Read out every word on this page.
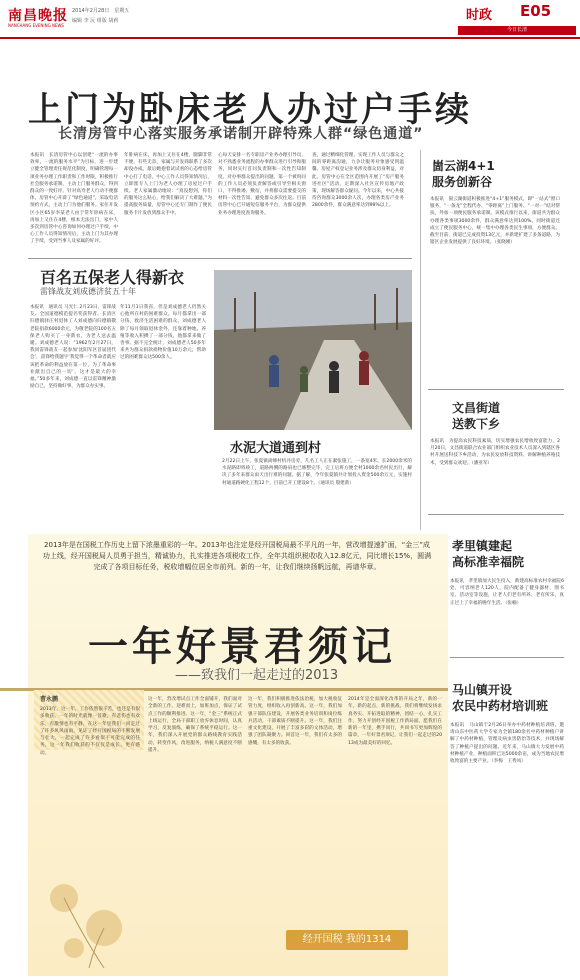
南昌晚报
NANCHANG EVENING NEWS
2014年2月28日　星期五
编辑 李 沅 组版 胡莉	时政 E05
今日长清
上门为卧床老人办过户手续
长清房管中心落实服务承诺制开辟特殊人群“绿色通道”
本报讯　长清房管中心以创建“一流的办事效率，一流的服务水平”为目标，进一步建立健全管理责任规范化制度，明确管理每一项业务办理工作职责和工作时限，积极推行社会服务承诺制，主动上门服务群众，得到群众的一致好评。针对高寿老人行动不便群体，房管中心开辟了“绿色通道”，采取电话预约方式，主动上门为他们服务。家住开发区小区65岁李某老人由于常年卧病在床，再加上又住在4楼，根本无法出门，家中人多次到房管中心咨询如何办理过户手续，中心工作人员得知情况后，主动上门为其办理了手续，受到当事人及家属的好评。
年卧病在床，再加上又住在4楼，腿脚非常不便，有些无奈，家属与开发商联系了多次却没办成。最后她抱着试试看的心态给房管中心打了电话，中心工作人员得知情况后，立即派专人上门为老人办理了房屋过户手续。老人家属激动地说：“真没想到，你们的服务这么贴心，给我们解决了大难题。”为提高服务质量，房管中心还专门制作了便民服务卡片发放到群众手中。
心每天安排一名专职房产业务办理引导员，对不熟悉业务流程的办事群众进行引导和服务，同时实行首问负责制和一次性告知制度。对办事群众提出的问题，第一个被询问的工作人员必须负责解答或引导至相关窗口，不得推诿、敷衍，并将群众需要提交的材料一次性告知，避免群众多次往返。目前房管中心已开通短信服务平台，为群众提供业务办理进度查询服务。
查，通过精细化管理，实现工作人员与群众之间的零距离沟通，力争让服务对象感受到温馨。房屋产权登记业务涉及群众切身利益，对此，房管中心在全区范围内开展了“房产服务进社区”活动，定期深入社区宣传房地产政策，现场解答群众疑问。今年以来，中心共接待咨询群众3000余人次，办理各类房产业务2800余件，群众满意率达到99%以上。
百名五保老人得新衣
雷锋战友刘成德济贫五十年
本报讯　通讯员 马光仁 2月23日，雷锋战友、全国道德模范提名奖获得者、长清区归德镇驿庄村退休工人刘成德向归德镇敬老院捐款6000余元，为敬老院的100名五保老人购买了一身新衣，为老人送去温暖。刘成德老人说：“1962年2月27日，我同雷锋战友一起参加‘沈阳军区首届团代会’，雷锋给我题字‘我觉得一个革命者就应该把革命的利益放在第一位，为了革命事业献出自己的一切’，这才是最大的幸福。”50多年来，刘成德一直以雷锋精神激励自己，坚持做好事，为群众办实事。
年11月1日我省，但是刘成德老人仍然关心他所在村的困难群众，每月都拿出一部分钱，救济生活困难的群众。刘成德老人除了每月领取退休金外，还靠着种地、养殖等收入积攒了一部分钱，他都拿来做了善事。据不完全统计，刘成德老人50多年来共为群众捐款捐物价值10万余元，帮助过的困难群众达500余人。
水泥大道通到村
2月22日上午，张夏镇尚峰村机井房旁，几名工人正在紧张施工，一条宽4米、长2000余米的水泥路即将竣工，道路两侧的路肩也已修整完毕，完工后将方便全村1000余名村民出行，解决了多年来群众雨天出行难的问题。据了解，今年张夏镇共计划投入资金500余万元，实施村村通道路硬化工程12个，目前已开工建设8个。（通讯员 殷建新）
崮云湖4+1
服务创新谷
本报讯　崮云湖街道积极推进“4+1”服务模式，即“一站式”窗口服务，“一条龙”全程代办、“零距离”上门服务、“一对一”结对帮扶，外加一项便民服务承诺制。该模式推行以来，街道共为群众办理各类事项3000余件，群众满意率达到100%。同时街道还成立了便民服务中心，统一集中办理各类民生事项，方便群众。截至目前，街道已完成投资13亿元，并新建扩建了多条道路，为辖区企业发展提供了良好环境。（张晓刚）
文昌街道
送教下乡
本报讯　为提高农民科技素质，切实增强农民增收致富能力，2月20日，文昌街道联合农业部门组织农业技术人员深入到辖区各村开展送科技下乡活动，为农民发放科技资料、讲解种植养殖技术，受到群众欢迎。（潘亚军）
孝里镇建起
高标准幸福院
本报讯　孝里镇加大民生投入，新建高标准农村幸福院6处，可容纳老人120人，院内配备了健身器材、图书室、活动室等设施，让老人们老有所养、老有所乐，真正过上了幸福的晚年生活。（张楠）
马山镇开设
农民中药材培训班
本报讯　马山镇于2月26日举办中药材种植培训班，邀请山东中医药大学专家为全镇180余名中药材种植户讲解了中药材种植、管理及病虫害防治等技术，并现场解答了种植户提出的问题。近年来，马山镇大力发展中药材种植产业，种植面积已达5000余亩，成为当地农民增收致富的主要产业。（李梅　王秀凤）
2013年是在国税工作历史上留下浓墨重彩的一年。2013年也注定是经开国税局最不平凡的一年，营改增提速扩面，“金三”成功上线，经开国税局人员勇于担当，精诚协力，扎实推进各项税收工作，全年共组织税收收入12.8亿元，同比增长15%，圆满完成了各项目标任务，税收增幅位居全市前列。新的一年，让我们继续扬帆远航，再谱华章。
一年好景君须记
——致我们一起走过的2013
曹永鹏
2013年，这一年，工作依然很辛苦，也还是有很多收获。一年的时光就像一首歌，有悲伤也有欢乐，有激情也有平静，在这一年里我们一同走过了许多风风雨雨，见证了经开国税局的不断发展与壮大，一起完成了许多看似不可能完成的任务，这一年我们收获的不仅仅是成长，更有感动。
这一年，营改增试点工作全面铺开，我们面对全新的工作，迎难而上，加班加点，保证了试点工作的顺利推进。这一年，“金三”系统正式上线运行，全局干部职工放弃休息时间，认真学习，反复演练，确保了系统平稳运行。这一年，我们深入开展党的群众路线教育实践活动，转变作风，改进服务，纳税人满意度不断提升。
这一年，我们积极推进依法治税，加大税收征管力度，组织收入再创新高。这一年，我们加强干部队伍建设，开展各类业务培训和岗位练兵活动，干部素质不断提升。这一年，我们注重文化建设，开展了丰富多彩的文体活动，增强了团队凝聚力。回首这一年，我们有太多的感慨，有太多的收获。
2014年是全面深化改革的开局之年，新的一年，新的起点，新的挑战。我们将继续发扬求真务实、开拓进取的精神，团结一心，扎实工作，努力开创经开国税工作新局面。愿我们在新的一年里，携手同行，共同书写更加辉煌的篇章，一年好景君须记，让我们一起走过的2013成为最美好的回忆。
经开国税 我的1314
